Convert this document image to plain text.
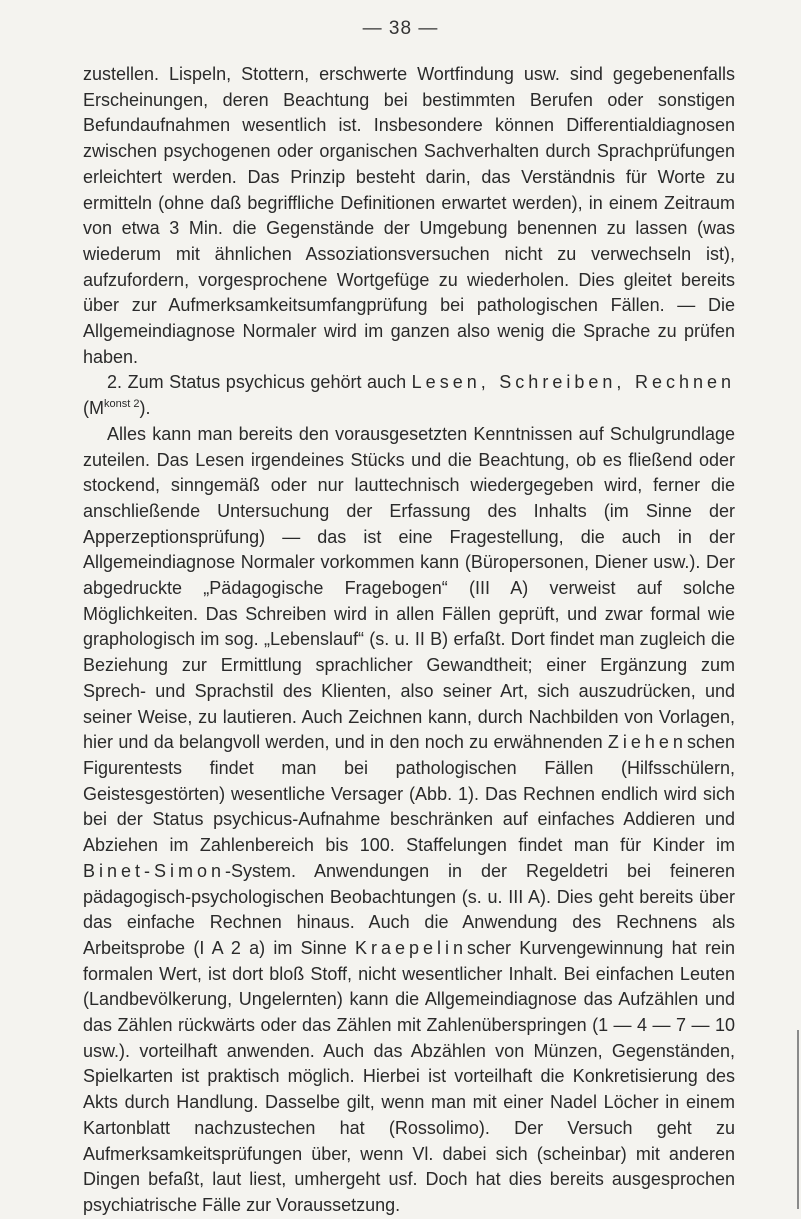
— 38 —

zustellen. Lispeln, Stottern, erschwerte Wortfindung usw. sind gegebenenfalls Erscheinungen, deren Beachtung bei bestimmten Berufen oder sonstigen Befundaufnahmen wesentlich ist. Insbesondere können Differentialdiagnosen zwischen psychogenen oder organischen Sachverhalten durch Sprachprüfungen erleichtert werden. Das Prinzip besteht darin, das Verständnis für Worte zu ermitteln (ohne daß begriffliche Definitionen erwartet werden), in einem Zeitraum von etwa 3 Min. die Gegenstände der Umgebung benennen zu lassen (was wiederum mit ähnlichen Assoziationsversuchen nicht zu verwechseln ist), aufzufordern, vorgesprochene Wortgefüge zu wiederholen. Dies gleitet bereits über zur Aufmerksamkeitsumfangprüfung bei pathologischen Fällen. — Die Allgemeindiagnose Normaler wird im ganzen also wenig die Sprache zu prüfen haben.

2. Zum Status psychicus gehört auch Lesen, Schreiben, Rechnen $(M^{konst 2})$.

Alles kann man bereits den vorausgesetzten Kenntnissen auf Schulgrundlage zuteilen. Das Lesen irgendeines Stücks und die Beachtung, ob es fließend oder stockend, sinngemäß oder nur lauttechnisch wiedergegeben wird, ferner die anschließende Untersuchung der Erfassung des Inhalts (im Sinne der Apperzeptionsprüfung) — das ist eine Fragestellung, die auch in der Allgemeindiagnose Normaler vorkommen kann (Büropersonen, Diener usw.). Der abgedruckte „Pädagogische Fragebogen“ (III A) verweist auf solche Möglichkeiten. Das Schreiben wird in allen Fällen geprüft, und zwar formal wie graphologisch im sog. „Lebenslauf“ (s. u. II B) erfaßt. Dort findet man zugleich die Beziehung zur Ermittlung sprachlicher Gewandtheit; einer Ergänzung zum Sprech- und Sprachstil des Klienten, also seiner Art, sich auszudrücken, und seiner Weise, zu lautieren. Auch Zeichnen kann, durch Nachbilden von Vorlagen, hier und da belangvoll werden, und in den noch zu erwähnenden Ziehenschen Figurentests findet man bei pathologischen Fällen (Hilfsschülern, Geistesgestörten) wesentliche Versager (Abb. 1). Das Rechnen endlich wird sich bei der Status psychicus-Aufnahme beschränken auf einfaches Addieren und Abziehen im Zahlenbereich bis 100. Staffelungen findet man für Kinder im Binet-Simon-System. Anwendungen in der Regeldetri bei feineren pädagogisch-psychologischen Beobachtungen (s. u. III A). Dies geht bereits über das einfache Rechnen hinaus. Auch die Anwendung des Rechnens als Arbeitsprobe (I A 2 a) im Sinne Kraepelinscher Kurvengewinnung hat rein formalen Wert, ist dort bloß Stoff, nicht wesentlicher Inhalt. Bei einfachen Leuten (Landbevölkerung, Ungelernten) kann die Allgemeindiagnose das Aufzählen und das Zählen rückwärts oder das Zählen mit Zahlenüberspringen (1 — 4 — 7 — 10 usw.). vorteilhaft anwenden. Auch das Abzählen von Münzen, Gegenständen, Spielkarten ist praktisch möglich. Hierbei ist vorteilhaft die Konkretisierung des Akts durch Handlung. Dasselbe gilt, wenn man mit einer Nadel Löcher in einem Kartonblatt nachzustechen hat (Rossolimo). Der Versuch geht zu Aufmerksamkeitsprüfungen über, wenn Vl. dabei sich (scheinbar) mit anderen Dingen befaßt, laut liest, umhergeht usf. Doch hat dies bereits ausgesprochen psychiatrische Fälle zur Voraussetzung.
